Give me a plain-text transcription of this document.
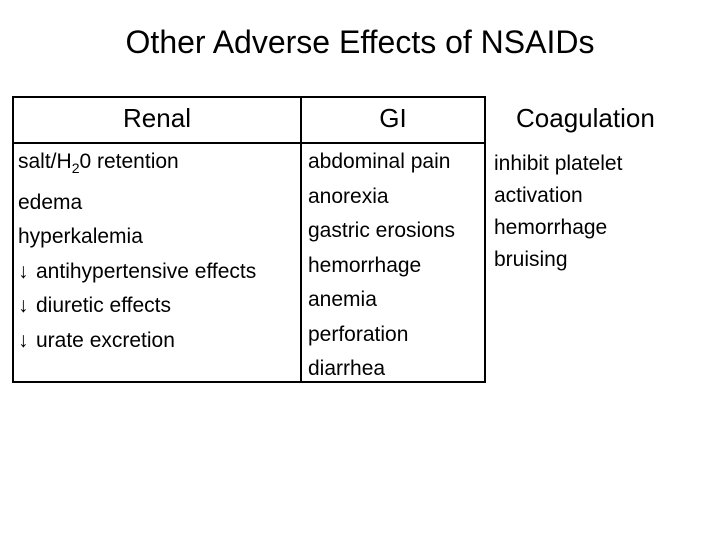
Other Adverse Effects of NSAIDs
Renal	GI	Coagulation
salt/$H_20$ retention
edema
hyperkalemia
↓ antihypertensive effects
↓ diuretic effects
↓ urate excretion
abdominal pain
anorexia
gastric erosions
hemorrhage
anemia
perforation
diarrhea
inhibit platelet
activation
hemorrhage
bruising
